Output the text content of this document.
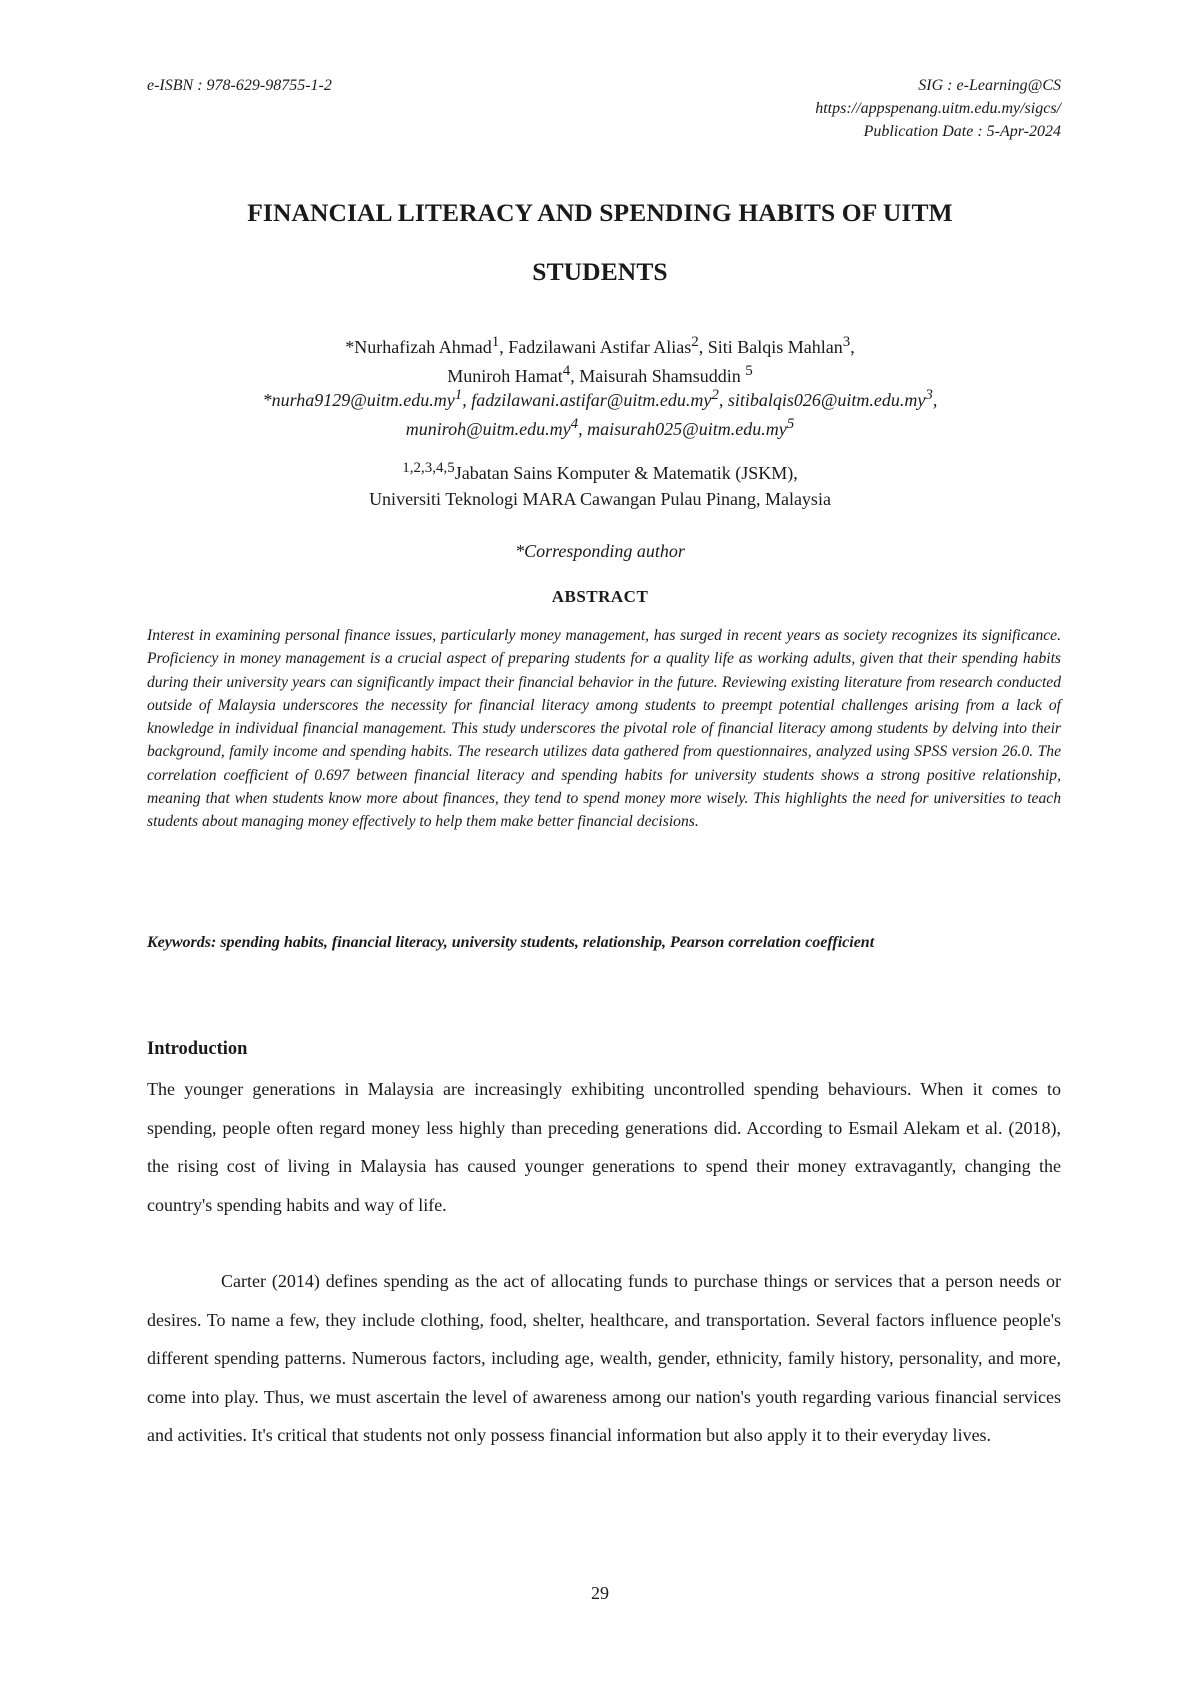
e-ISBN : 978-629-98755-1-2	SIG : e-Learning@CS
https://appspenang.uitm.edu.my/sigcs/
Publication Date : 5-Apr-2024
FINANCIAL LITERACY AND SPENDING HABITS OF UITM
STUDENTS
*Nurhafizah Ahmad$^1$, Fadzilawani Astifar Alias$^2$, Siti Balqis Mahlan$^3$,
Muniroh Hamat$^4$, Maisurah Shamsuddin $^5$
$*nurha9129@uitm.edu.my^1$, $fadzilawani.astifar@uitm.edu.my^2$, $sitibalqis026@uitm.edu.my^3$,
$muniroh@uitm.edu.my^4$, $maisurah025@uitm.edu.my^5$
$^{1,2,3,4,5}$Jabatan Sains Komputer & Matematik (JSKM),
Universiti Teknologi MARA Cawangan Pulau Pinang, Malaysia
*Corresponding author
ABSTRACT
Interest in examining personal finance issues, particularly money management, has surged in recent years as society recognizes its significance. Proficiency in money management is a crucial aspect of preparing students for a quality life as working adults, given that their spending habits during their university years can significantly impact their financial behavior in the future. Reviewing existing literature from research conducted outside of Malaysia underscores the necessity for financial literacy among students to preempt potential challenges arising from a lack of knowledge in individual financial management. This study underscores the pivotal role of financial literacy among students by delving into their background, family income and spending habits. The research utilizes data gathered from questionnaires, analyzed using SPSS version 26.0. The correlation coefficient of 0.697 between financial literacy and spending habits for university students shows a strong positive relationship, meaning that when students know more about finances, they tend to spend money more wisely. This highlights the need for universities to teach students about managing money effectively to help them make better financial decisions.
Keywords: spending habits, financial literacy, university students, relationship, Pearson correlation coefficient
Introduction
The younger generations in Malaysia are increasingly exhibiting uncontrolled spending behaviours. When it comes to spending, people often regard money less highly than preceding generations did. According to Esmail Alekam et al. (2018), the rising cost of living in Malaysia has caused younger generations to spend their money extravagantly, changing the country's spending habits and way of life.
Carter (2014) defines spending as the act of allocating funds to purchase things or services that a person needs or desires. To name a few, they include clothing, food, shelter, healthcare, and transportation. Several factors influence people's different spending patterns. Numerous factors, including age, wealth, gender, ethnicity, family history, personality, and more, come into play. Thus, we must ascertain the level of awareness among our nation's youth regarding various financial services and activities. It's critical that students not only possess financial information but also apply it to their everyday lives.
29
